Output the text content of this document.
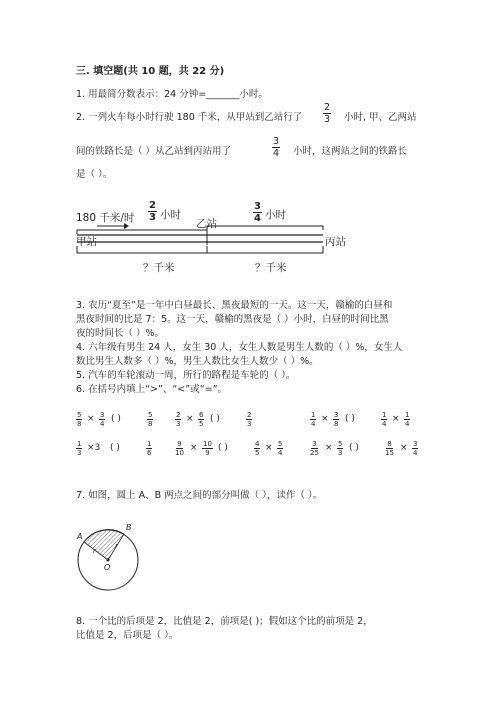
三. 填空题(共 10 题，共 22 分)
1. 用最简分数表示：24 分钟=_______小时。
2. 一列火车每小时行驶 180 千米，从甲站到乙站行了 $\frac{2}{3}$ 小时, 甲、乙两站
间的铁路长是（ ）从乙站到丙站用了	$\frac{3}{4}$ 小时，这两站之间的铁路长
是（ ）。
180 千米/时
2
3 小时
3
4 小时
乙站
甲站	丙站
？千米	？千米
3. 农历“夏至”是一年中白昼最长、黑夜最短的一天。这一天，赣榆的白昼和
黑夜时间的比是 7：5。这一天，赣榆的黑夜是（ ）小时，白昼的时间比黑
夜的时间长（ ）%。
4. 六年级有男生 24 人，女生 30 人，女生人数是男生人数的（ ）%，女生人
数比男生人数多（ ）%，男生人数比女生人数少（ ）%。
5. 汽车的车轮滚动一周，所行的路程是车轮的（ ）。
6. 在括号内填上“>”、“<”或“=”。
$\frac{5}{8} \times \frac{3}{4}$ ( )	$\frac{5}{8}$	$\frac{2}{3} \times \frac{6}{5}$ ( )	$\frac{2}{3}$	$\frac{1}{4} \times \frac{3}{8}$ ( )	$\frac{1}{4} \times \frac{1}{4}$
$\frac{1}{3} \times 3$ ( )	$\frac{1}{6}$	$\frac{9}{10} \times \frac{10}{9}$ ( )	$\frac{4}{5} \times \frac{5}{4}$	$\frac{3}{25} \times \frac{5}{3}$ ( )	$\frac{8}{15} \times \frac{3}{4}$
7. 如图，圆上 A、B 两点之间的部分叫做（ ），读作（ ）。
A
B
O
r
r
8. 一个比的后项是 2，比值是 2，前项是( )；假如这个比的前项是 2，
比值是 2，后项是（ ）。
